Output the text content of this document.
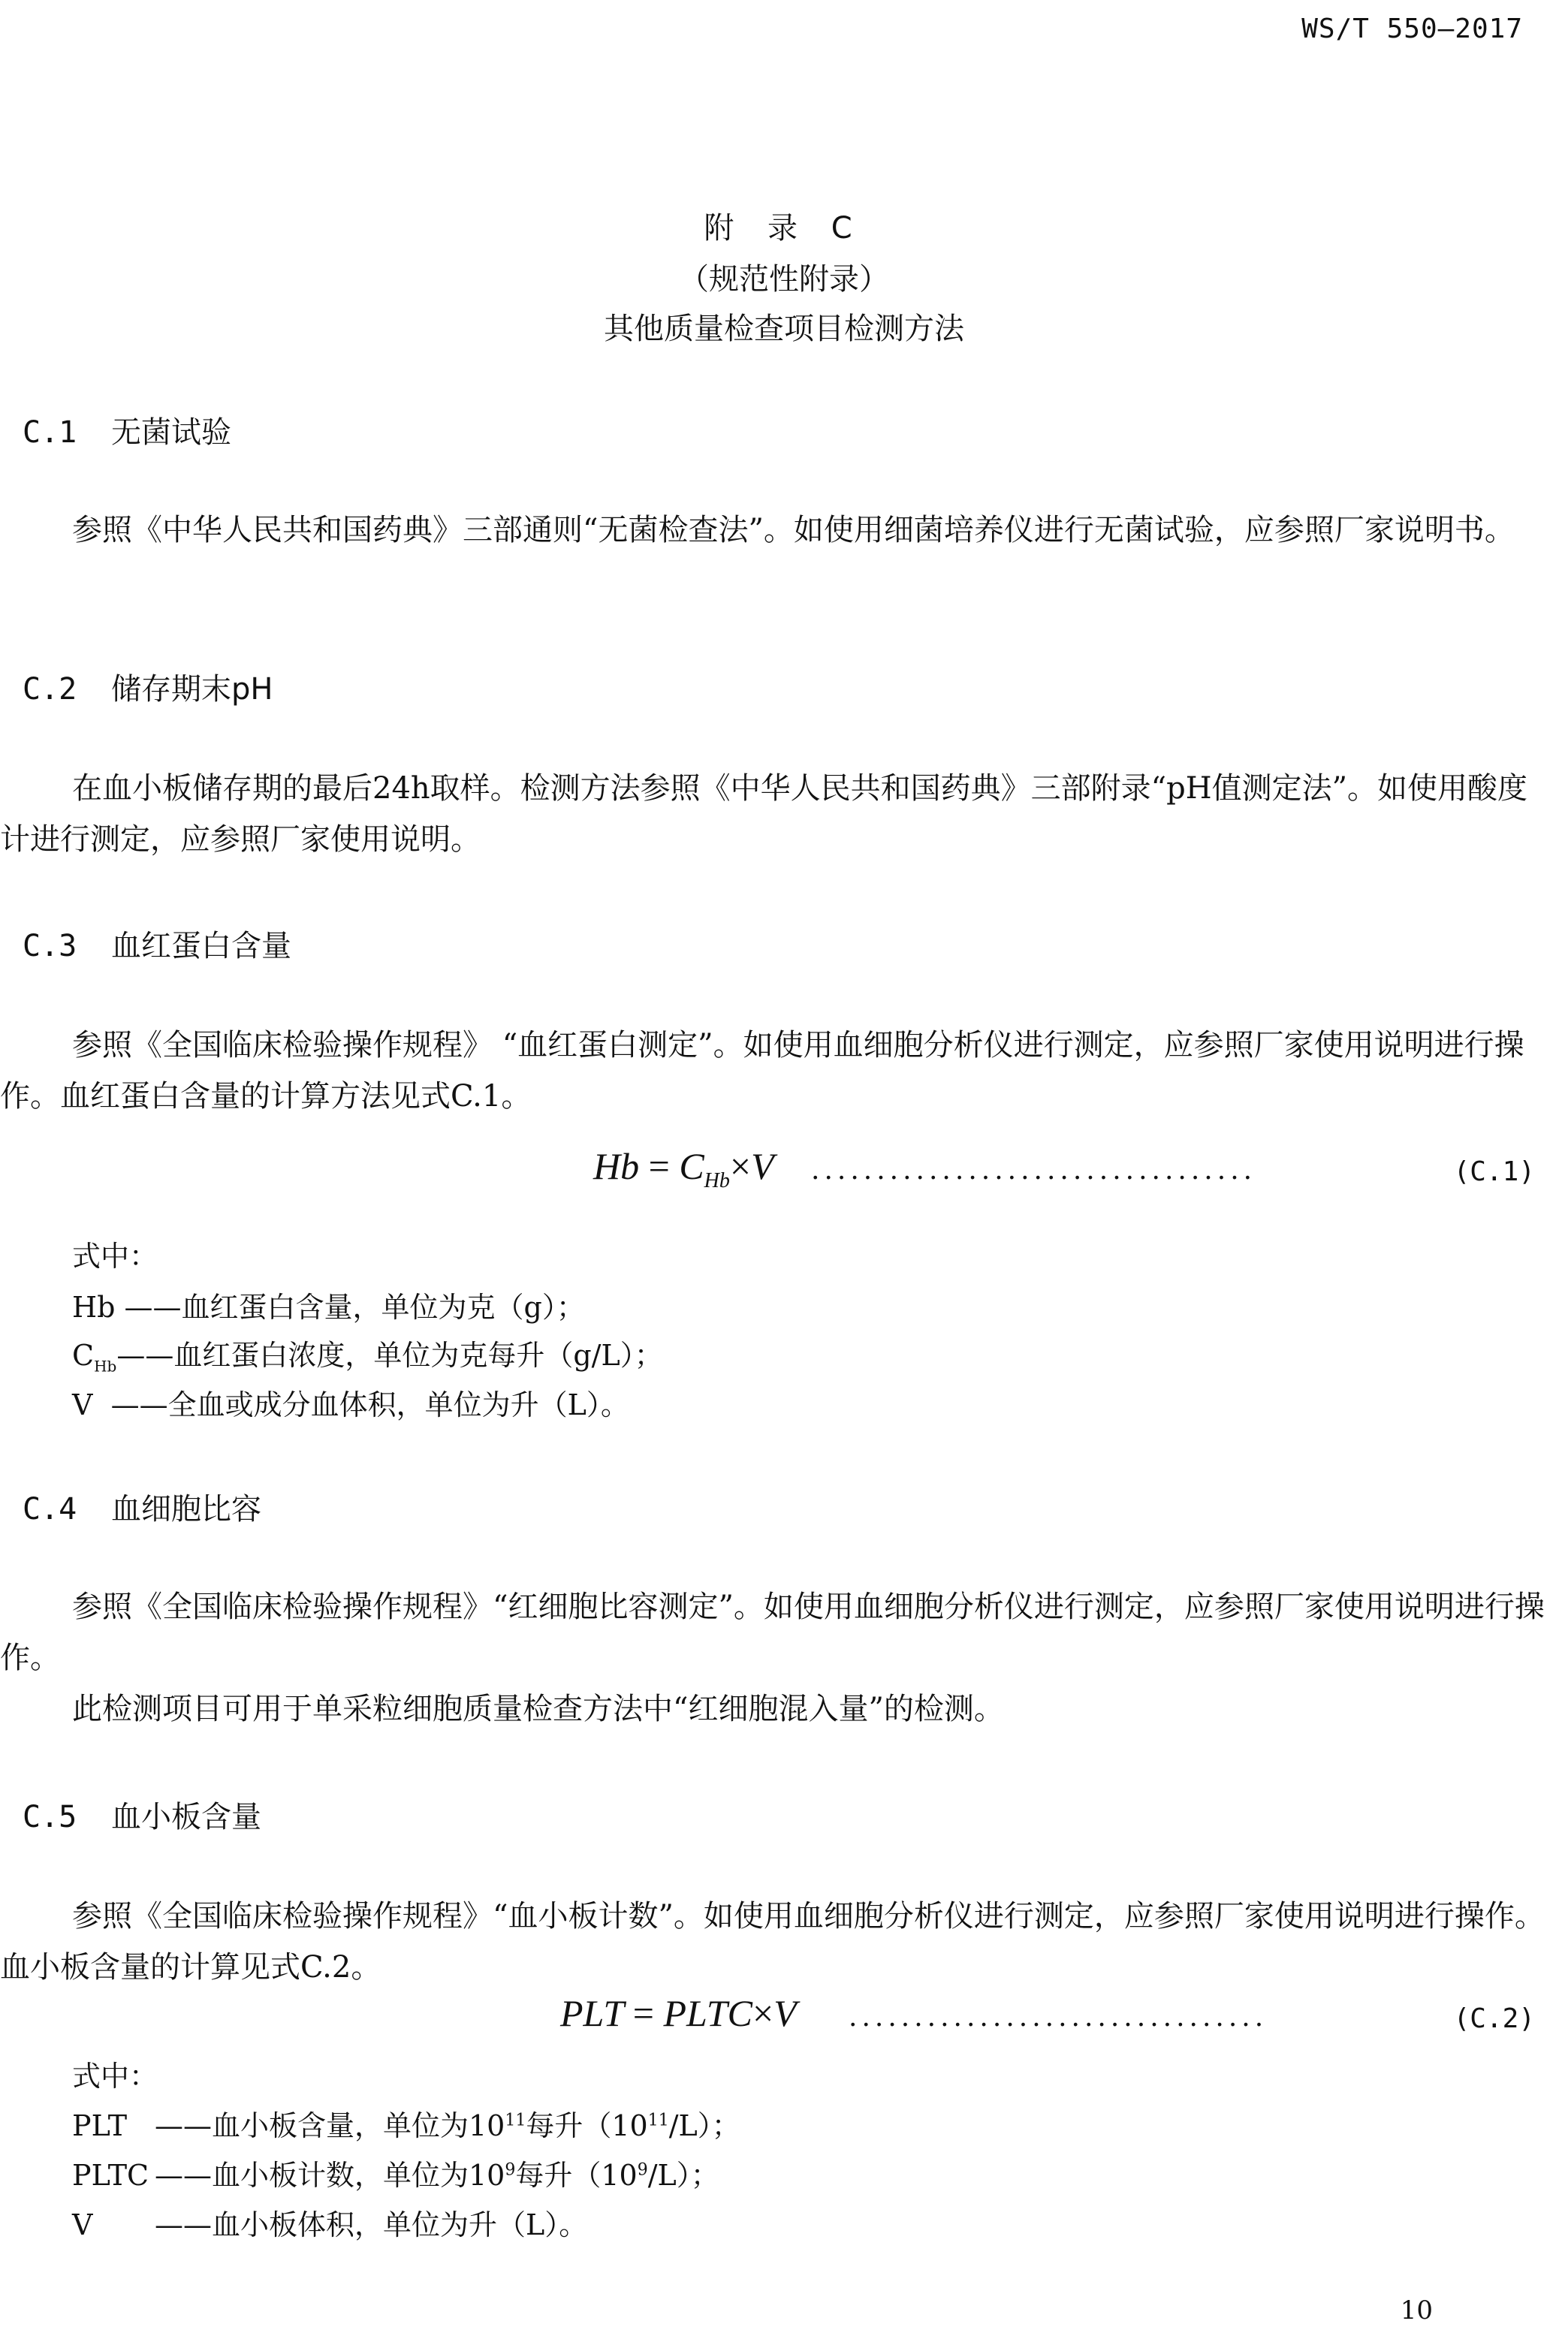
WS/T 550—2017
附 录 C
（规范性附录）
其他质量检查项目检测方法
C.1 无菌试验
参照《中华人民共和国药典》三部通则“无菌检查法”。如使用细菌培养仪进行无菌试验，应参照厂家说明书。
C.2 储存期末pH
在血小板储存期的最后24h取样。检测方法参照《中华人民共和国药典》三部附录“pH值测定法”。如使用酸度计进行测定，应参照厂家使用说明。
C.3 血红蛋白含量
参照《全国临床检验操作规程》 “血红蛋白测定”。如使用血细胞分析仪进行测定，应参照厂家使用说明进行操作。血红蛋白含量的计算方法见式C.1。
$Hb = C_{Hb}\times V$ ..................................	(C.1)
式中：
Hb ——血红蛋白含量，单位为克（g）；
$C_{Hb}——$血红蛋白浓度，单位为克每升（g/L）；
V  ——全血或成分血体积，单位为升（L）。
C.4 血细胞比容
参照《全国临床检验操作规程》“红细胞比容测定”。如使用血细胞分析仪进行测定，应参照厂家使用说明进行操作。
此检测项目可用于单采粒细胞质量检查方法中“红细胞混入量”的检测。
C.5 血小板含量
参照《全国临床检验操作规程》“血小板计数”。如使用血细胞分析仪进行测定，应参照厂家使用说明进行操作。血小板含量的计算见式C.2。
PLT = PLTC×V ................................	(C.2)
式中：
PLT ——血小板含量，单位为$10^{11}$每升$(10^{11}/L)$；
PLTC ——血小板计数，单位为$10^9$每升$(10^9/L)$；
V ——血小板体积，单位为升（L）。
10
